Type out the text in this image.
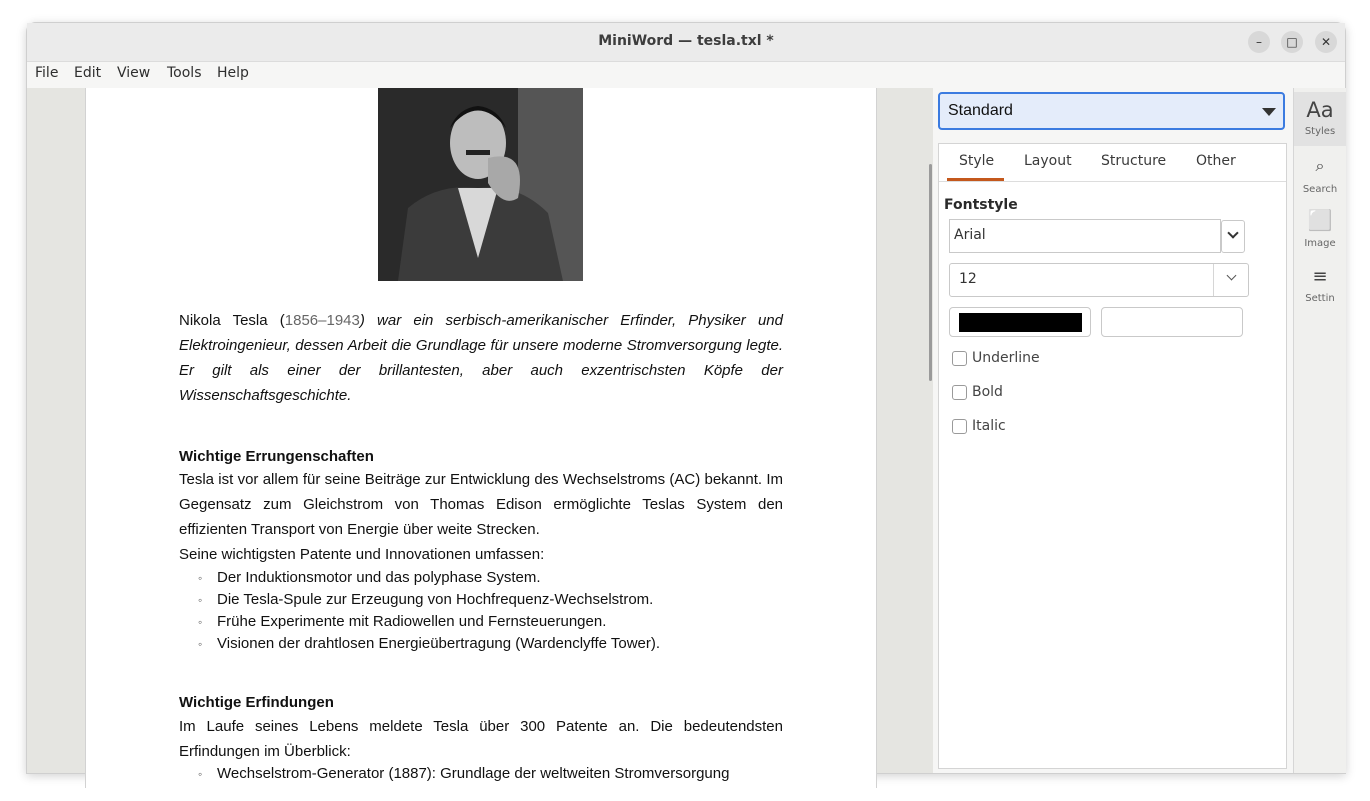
MiniWord — tesla.txl *	–	□	✕
File Edit View Tools Help
Nikola Tesla (1856–1943) war ein serbisch-amerikanischer Erfinder, Physiker und Elektroingenieur, dessen Arbeit die Grundlage für unsere moderne Stromversorgung legte. Er gilt als einer der brillantesten, aber auch exzentrischsten Köpfe der Wissenschaftsgeschichte.
Wichtige Errungenschaften
Tesla ist vor allem für seine Beiträge zur Entwicklung des Wechselstroms (AC) bekannt. Im Gegensatz zum Gleichstrom von Thomas Edison ermöglichte Teslas System den effizienten Transport von Energie über weite Strecken.
Seine wichtigsten Patente und Innovationen umfassen:
◦ Der Induktionsmotor und das polyphase System.
◦ Die Tesla-Spule zur Erzeugung von Hochfrequenz-Wechselstrom.
◦ Frühe Experimente mit Radiowellen und Fernsteuerungen.
◦ Visionen der drahtlosen Energieübertragung (Wardenclyffe Tower).
Wichtige Erfindungen
Im Laufe seines Lebens meldete Tesla über 300 Patente an. Die bedeutendsten Erfindungen im Überblick:
◦ Wechselstrom-Generator (1887): Grundlage der weltweiten Stromversorgung
Standard
Style Layout Structure Other
Fontstyle
Arial
12
Underline
Bold
Italic
Aa
Styles
⌕
Search
⬜
Image
≡
Settin
